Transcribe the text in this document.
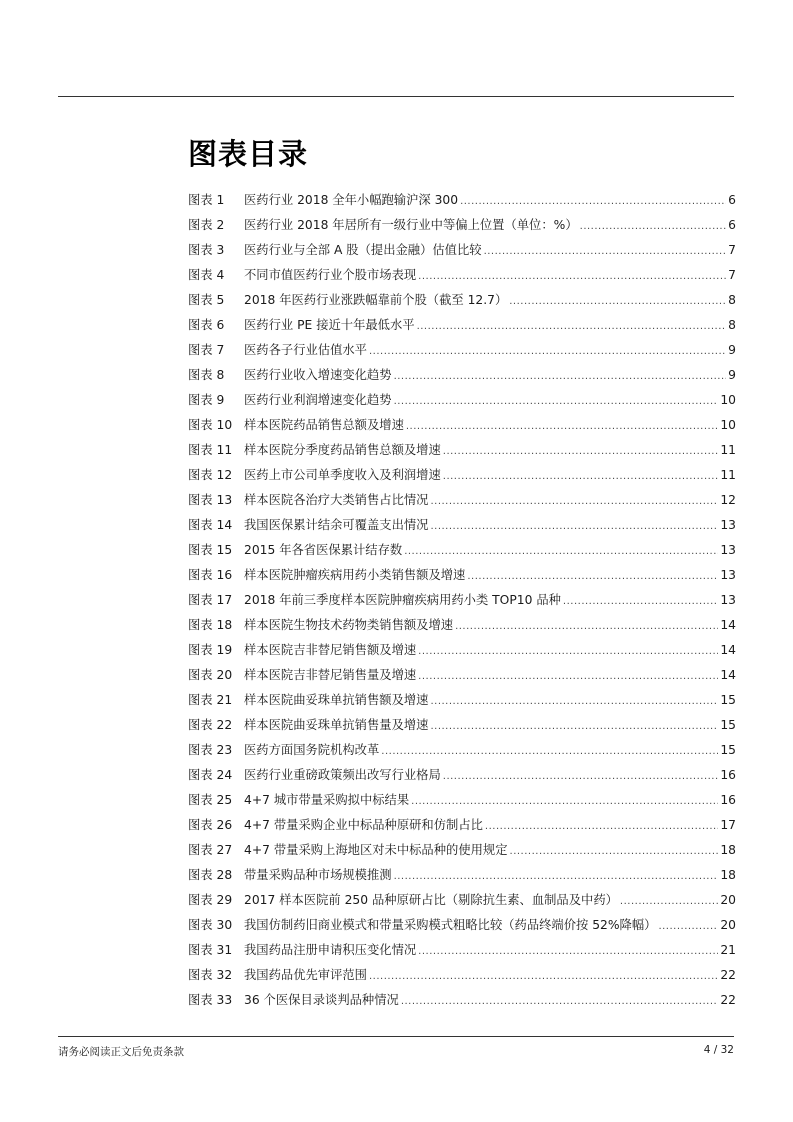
图表目录
图表 1	医药行业 2018 全年小幅跑输沪深 300 .....	6
图表 2	医药行业 2018 年居所有一级行业中等偏上位置（单位：%） .....	6
图表 3	医药行业与全部 A 股（提出金融）估值比较 .....	7
图表 4	不同市值医药行业个股市场表现 .....	7
图表 5	2018 年医药行业涨跌幅靠前个股（截至 12.7） .....	8
图表 6	医药行业 PE 接近十年最低水平 .....	8
图表 7	医药各子行业估值水平 .....	9
图表 8	医药行业收入增速变化趋势 .....	9
图表 9	医药行业利润增速变化趋势 .....	10
图表 10 样本医院药品销售总额及增速 .....	10
图表 11 样本医院分季度药品销售总额及增速 .....	11
图表 12 医药上市公司单季度收入及利润增速 .....	11
图表 13 样本医院各治疗大类销售占比情况 .....	12
图表 14 我国医保累计结余可覆盖支出情况 .....	13
图表 15 2015 年各省医保累计结存数 .....	13
图表 16 样本医院肿瘤疾病用药小类销售额及增速 .....	13
图表 17 2018 年前三季度样本医院肿瘤疾病用药小类 TOP10 品种 .....	13
图表 18 样本医院生物技术药物类销售额及增速 .....	14
图表 19 样本医院吉非替尼销售额及增速 .....	14
图表 20 样本医院吉非替尼销售量及增速 .....	14
图表 21 样本医院曲妥珠单抗销售额及增速 .....	15
图表 22 样本医院曲妥珠单抗销售量及增速 .....	15
图表 23 医药方面国务院机构改革 .....	15
图表 24 医药行业重磅政策频出改写行业格局 .....	16
图表 25 4+7 城市带量采购拟中标结果 .....	16
图表 26 4+7 带量采购企业中标品种原研和仿制占比 .....	17
图表 27 4+7 带量采购上海地区对未中标品种的使用规定 .....	18
图表 28 带量采购品种市场规模推测 .....	18
图表 29 2017 样本医院前 250 品种原研占比（剔除抗生素、血制品及中药） .....	20
图表 30 我国仿制药旧商业模式和带量采购模式粗略比较（药品终端价按 52%降幅） .....	20
图表 31 我国药品注册申请积压变化情况 .....	21
图表 32 我国药品优先审评范围 .....	22
图表 33 36 个医保目录谈判品种情况 .....	22
请务必阅读正文后免责条款	4 / 32
